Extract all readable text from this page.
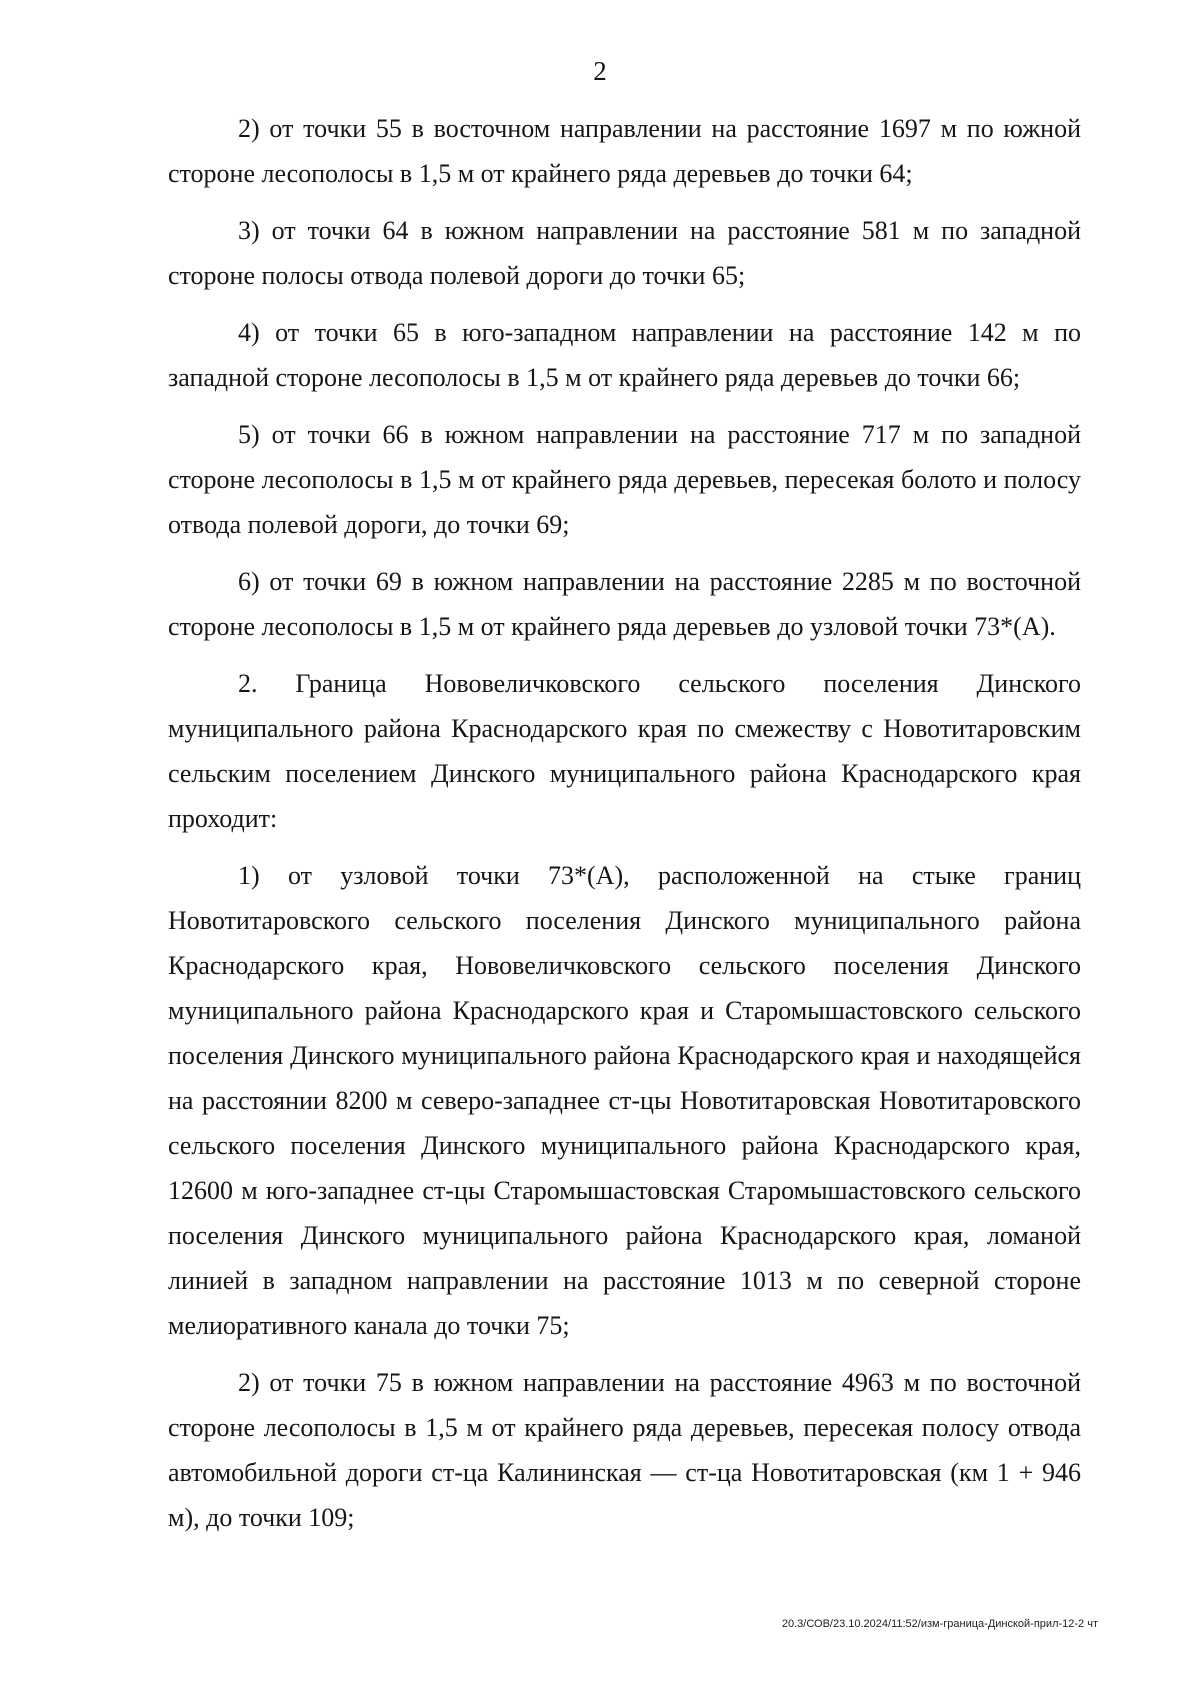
2

2) от точки 55 в восточном направлении на расстояние 1697 м по южной стороне лесополосы в 1,5 м от крайнего ряда деревьев до точки 64;

3) от точки 64 в южном направлении на расстояние 581 м по западной стороне полосы отвода полевой дороги до точки 65;

4) от точки 65 в юго-западном направлении на расстояние 142 м по западной стороне лесополосы в 1,5 м от крайнего ряда деревьев до точки 66;

5) от точки 66 в южном направлении на расстояние 717 м по западной стороне лесополосы в 1,5 м от крайнего ряда деревьев, пересекая болото и полосу отвода полевой дороги, до точки 69;

6) от точки 69 в южном направлении на расстояние 2285 м по восточной стороне лесополосы в 1,5 м от крайнего ряда деревьев до узловой точки 73*(А).

2. Граница Нововеличковского сельского поселения Динского муниципального района Краснодарского края по смежеству с Новотитаровским сельским поселением Динского муниципального района Краснодарского края проходит:

1) от узловой точки 73*(А), расположенной на стыке границ Новотитаровского сельского поселения Динского муниципального района Краснодарского края, Нововеличковского сельского поселения Динского муниципального района Краснодарского края и Старомышастовского сельского поселения Динского муниципального района Краснодарского края и находящейся на расстоянии 8200 м северо-западнее ст-цы Новотитаровская Новотитаровского сельского поселения Динского муниципального района Краснодарского края, 12600 м юго-западнее ст-цы Старомышастовская Старомышастовского сельского поселения Динского муниципального района Краснодарского края, ломаной линией в западном направлении на расстояние 1013 м по северной стороне мелиоративного канала до точки 75;

2) от точки 75 в южном направлении на расстояние 4963 м по восточной стороне лесополосы в 1,5 м от крайнего ряда деревьев, пересекая полосу отвода автомобильной дороги ст-ца Калининская — ст-ца Новотитаровская (км 1 + 946 м), до точки 109;

20.3/СОВ/23.10.2024/11:52/изм-граница-Динской-прил-12-2 чт
